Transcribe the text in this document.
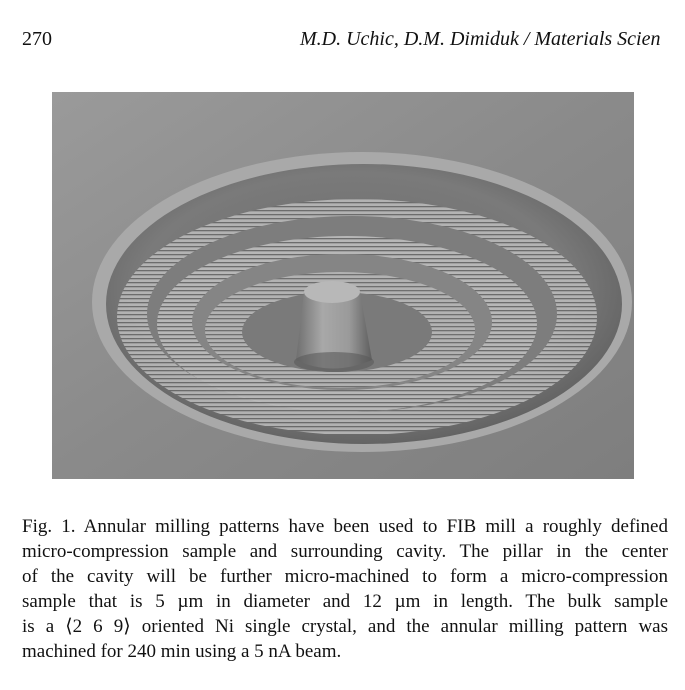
270	M.D. Uchic, D.M. Dimiduk / Materials Scien
Fig. 1. Annular milling patterns have been used to FIB mill a roughly defined
micro-compression sample and surrounding cavity. The pillar in the center
of the cavity will be further micro-machined to form a micro-compression
sample that is 5 µm in diameter and 12 µm in length. The bulk sample
is a ⟨2 6 9⟩ oriented Ni single crystal, and the annular milling pattern was
machined for 240 min using a 5 nA beam.
